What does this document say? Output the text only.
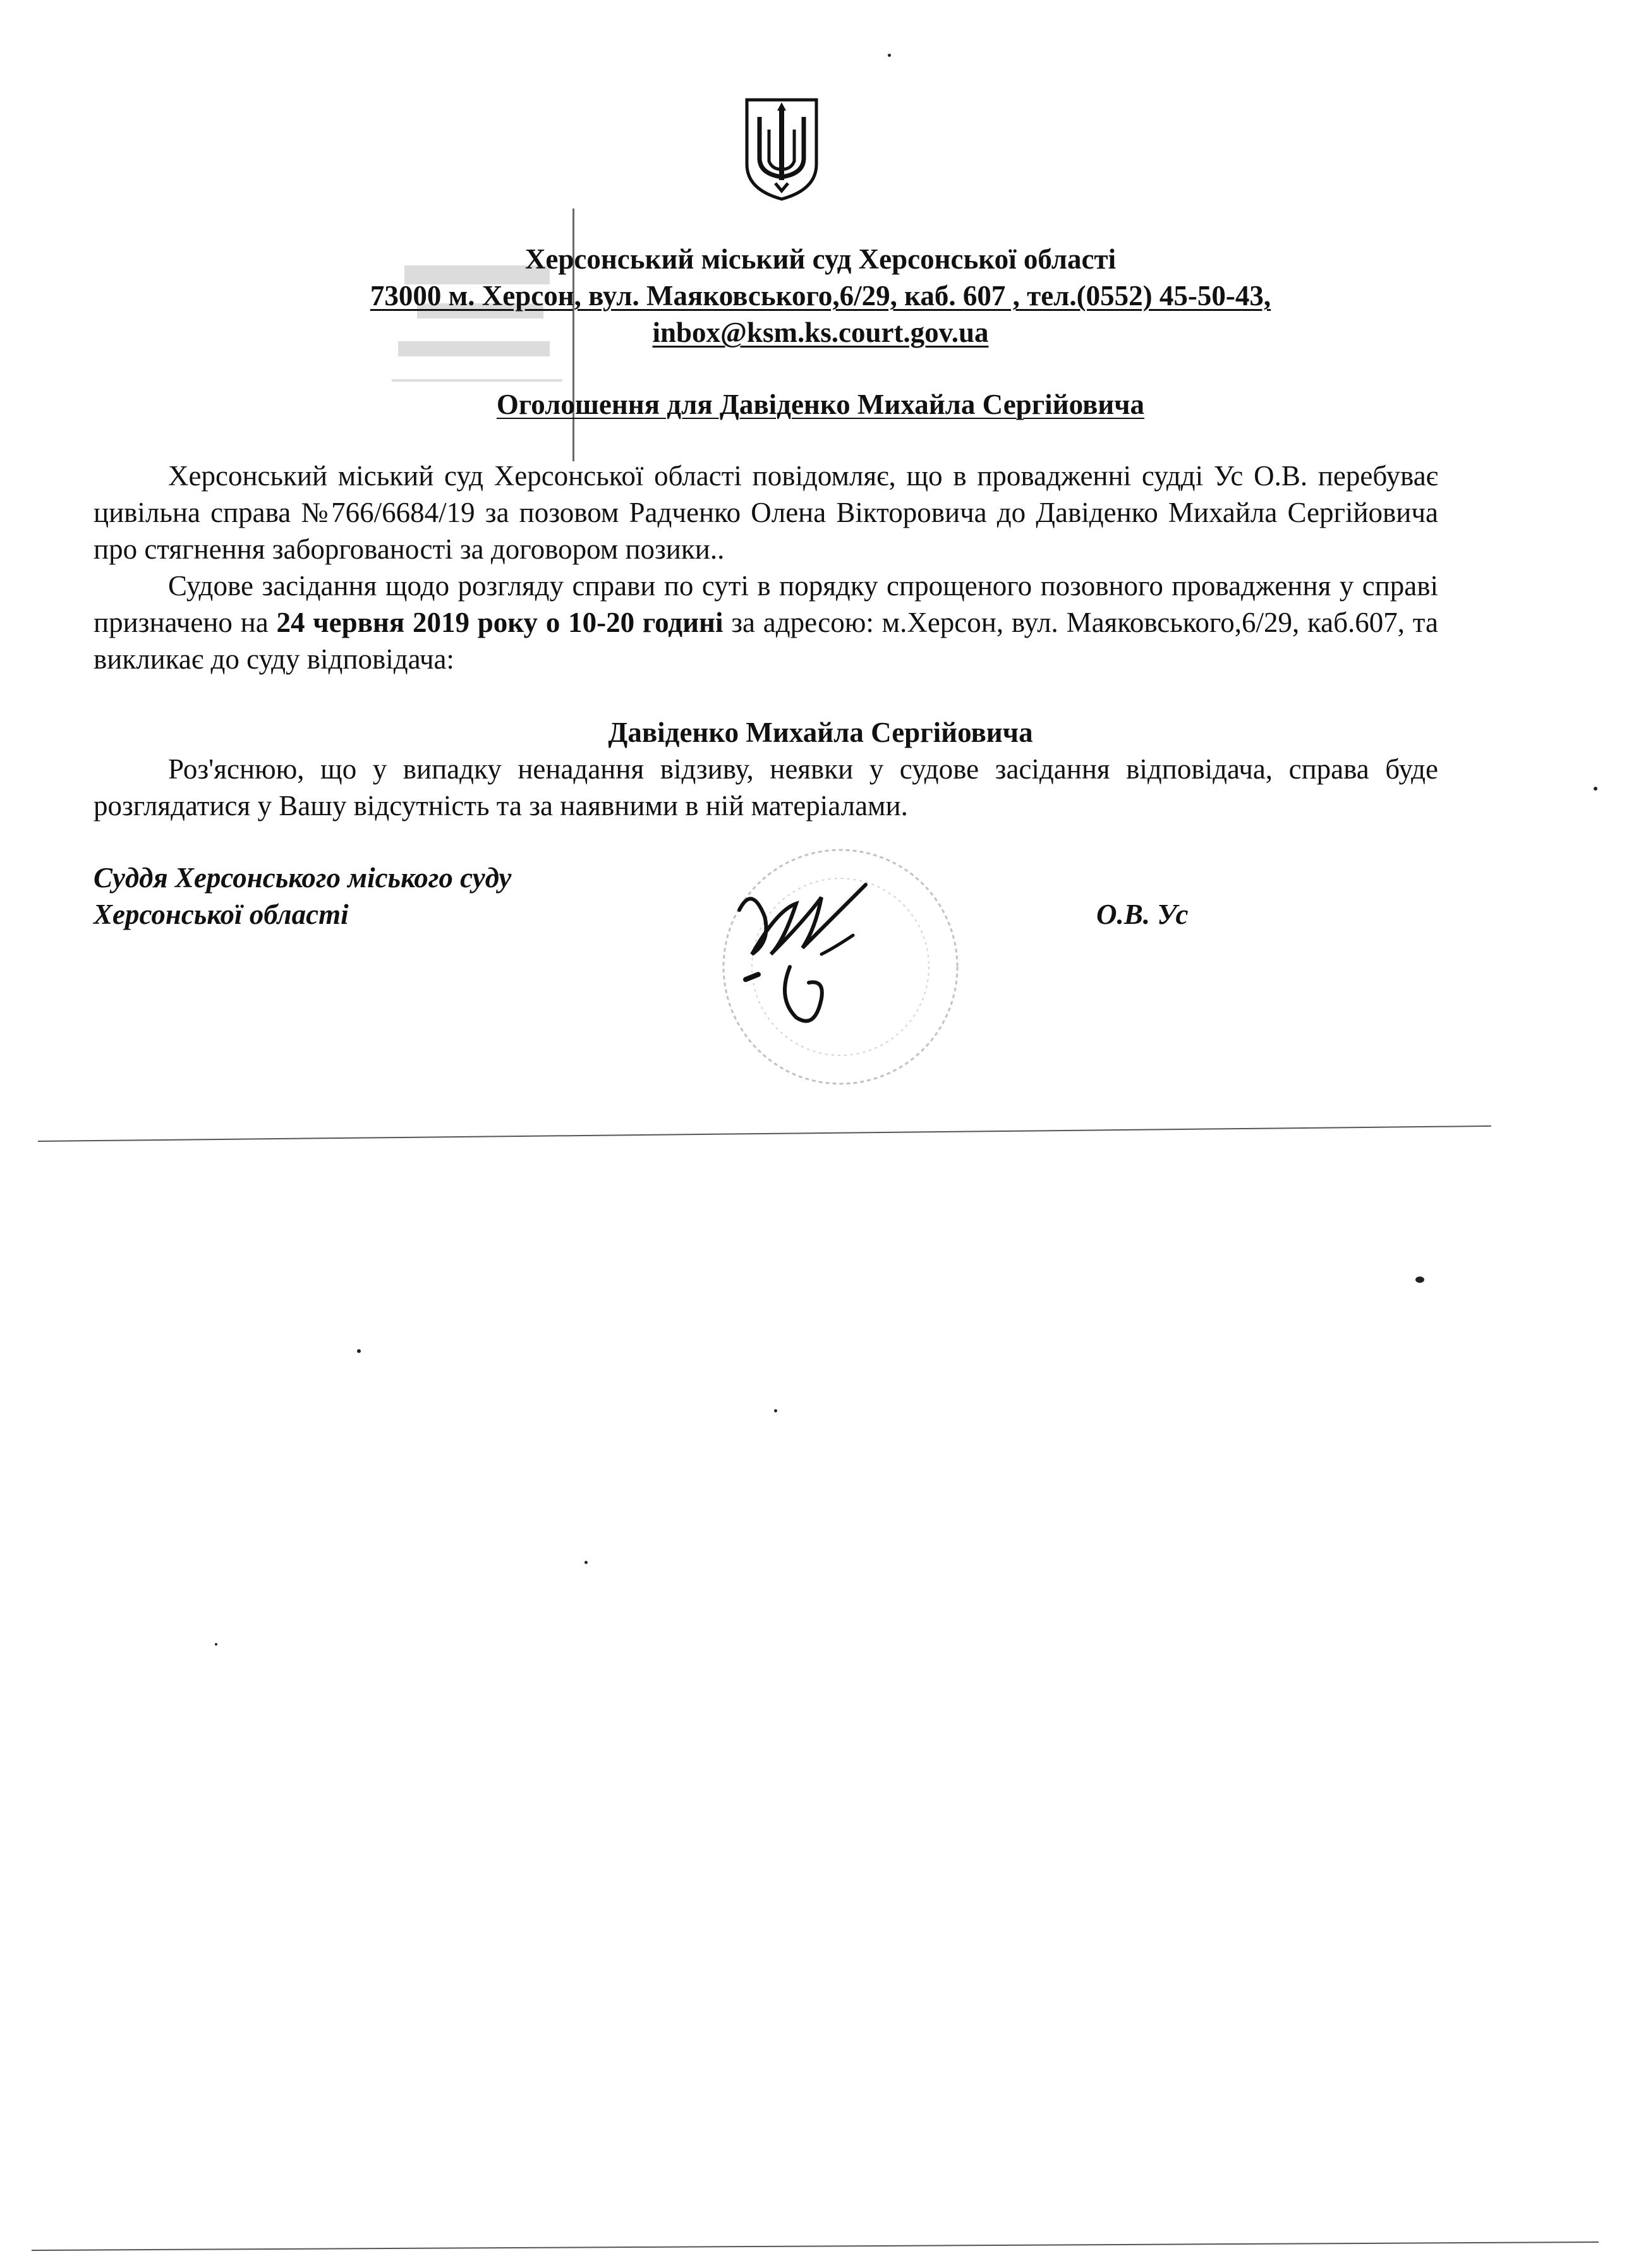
Херсонський міський суд Херсонської області
73000 м. Херсон, вул. Маяковського,6/29, каб. 607 , тел.(0552) 45-50-43,
inbox@ksm.ks.court.gov.ua
Оголошення для Давіденко Михайла Сергійовича

Херсонський міський суд Херсонської області повідомляє, що в провадженні судді Ус О.В. перебуває цивільна справа №766/6684/19 за позовом Радченко Олена Вікторовича до Давіденко Михайла Сергійовича про стягнення заборгованості за договором позики..

Судове засідання щодо розгляду справи по суті в порядку спрощеного позовного провадження у справі призначено на 24 червня 2019 року о 10-20 годині за адресою: м.Херсон, вул. Маяковського,6/29, каб.607, та викликає до суду відповідача:

Давіденко Михайла Сергійовича

Роз'яснюю, що у випадку ненадання відзиву, неявки у судове засідання відповідача, справа буде розглядатися у Вашу відсутність та за наявними в ній матеріалами.

Суддя Херсонського міського суду
Херсонської області	О.В. Ус
